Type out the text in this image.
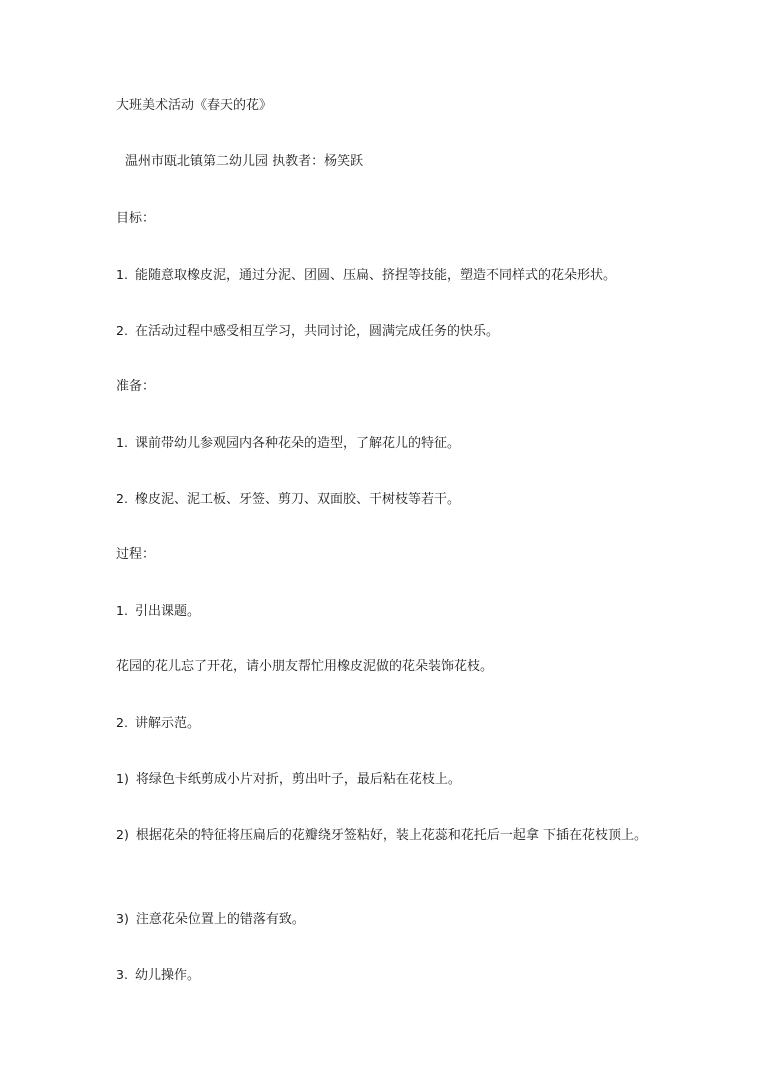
大班美术活动《春天的花》
温州市瓯北镇第二幼儿园 执教者：杨笑跃
目标：
1. 能随意取橡皮泥，通过分泥、团圆、压扁、挤捏等技能，塑造不同样式的花朵形状。
2. 在活动过程中感受相互学习，共同讨论，圆满完成任务的快乐。
准备：
1. 课前带幼儿参观园内各种花朵的造型，了解花儿的特征。
2. 橡皮泥、泥工板、牙签、剪刀、双面胶、干树枝等若干。
过程：
1. 引出课题。
花园的花儿忘了开花，请小朋友帮忙用橡皮泥做的花朵装饰花枝。
2. 讲解示范。
1) 将绿色卡纸剪成小片对折，剪出叶子，最后粘在花枝上。
2) 根据花朵的特征将压扁后的花瓣绕牙签粘好，装上花蕊和花托后一起拿 下插在花枝顶上。
3) 注意花朵位置上的错落有致。
3. 幼儿操作。
